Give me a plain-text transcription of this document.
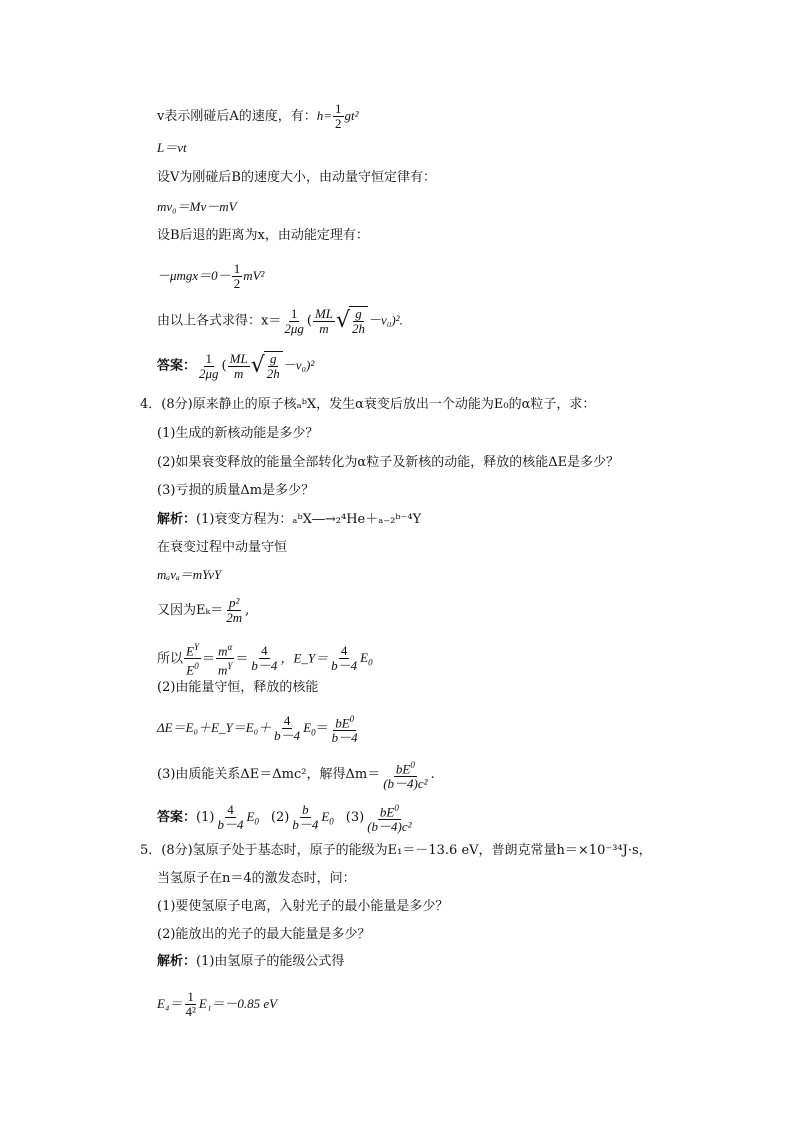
v表示刚碰后A的速度，有：$h= \frac{1}{2} gt^2$
L＝vt
设V为刚碰后B的速度大小，由动量守恒定律有：
mv₀＝Mv－mV
设B后退的距离为x，由动能定理有：
$-\mu mgx=0- \frac{1}{2} mV^2$
由以上各式求得：$x= \frac{1}{2\mu g}$ ( $\frac{ML}{m}$ √ $\frac{g}{2h} -v_0)^2$.
答案： $\frac{1}{2\mu g}$ ( $\frac{ML}{m}$ √ $\frac{g}{2h} -v_0)^2$
4．(8分)原来静止的原子核ₐᵇX，发生α衰变后放出一个动能为E₀的α粒子，求：
(1)生成的新核动能是多少？
(2)如果衰变释放的能量全部转化为α粒子及新核的动能，释放的核能ΔE是多少？
(3)亏损的质量Δm是多少？
解析：(1)衰变方程为：ₐᵇX―→₂⁴He＋ₐ₋₂ᵇ⁻⁴Y
在衰变过程中动量守恒
mₐvₐ＝mYvY
又因为$E_k= \frac{\text{p²}}{2m}$ ,
所以 $\frac{E^Y}{E^0} = \frac{m^\alpha}{m^Y} = \frac{4}{b-4}$ ，E_Y＝ $\frac{4}{b-4} E_0$
(2)由能量守恒，释放的核能
ΔE＝E₀＋E_Y＝E₀＋ $\frac{4}{b-4} E_0= \frac{bE^0}{b-4}$
(3)由质能关系ΔE＝Δmc²，解得$\Delta m= \frac{bE^0}{\text{(b－4)c²}}$ .
答案：$(1) \frac{4}{b-4} E_0$ $(2) \frac{b}{b-4} E_0$ $(3) \frac{bE^0}{\text{(b－4)c²}}$
5．(8分)氢原子处于基态时，原子的能级为E₁＝－13.6 eV，普朗克常量h＝×10⁻³⁴J·s，
当氢原子在n＝4的激发态时，问：
(1)要使氢原子电离，入射光子的最小能量是多少？
(2)能放出的光子的最大能量是多少？
解析：(1)由氢原子的能级公式得
$E_4= \frac{1}{\text{4²}} E_1=-0.85$ eV
